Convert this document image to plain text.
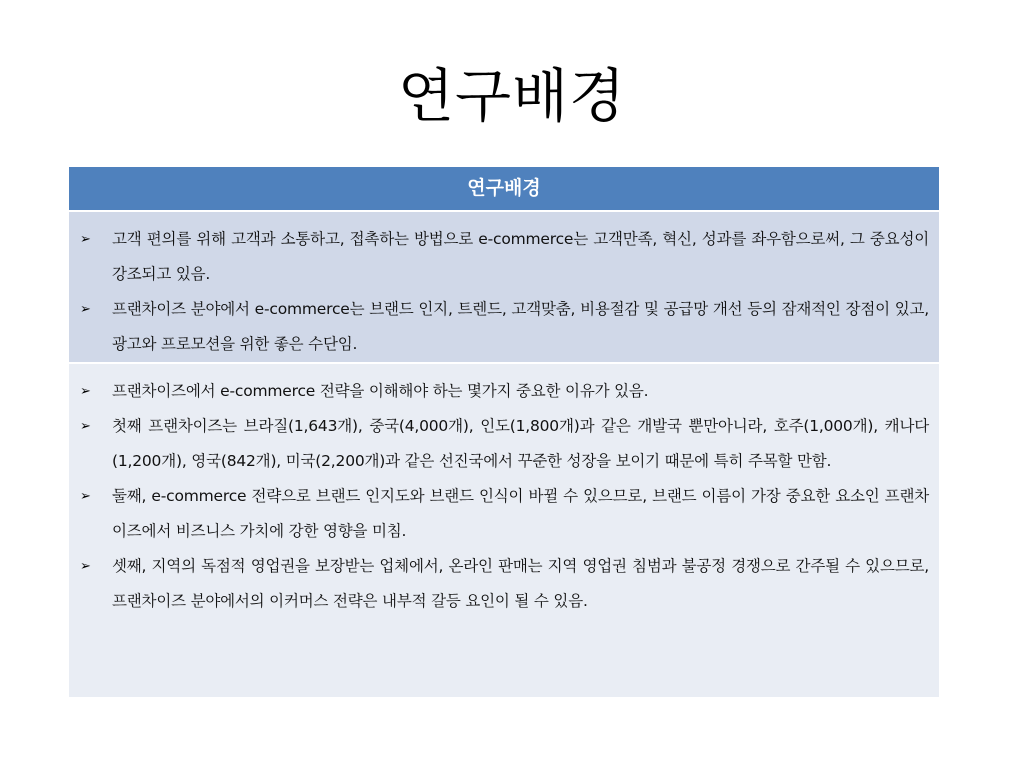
연구배경
연구배경
➢	고객 편의를 위해 고객과 소통하고, 접촉하는 방법으로 e-commerce는 고객만족, 혁신, 성과를 좌우함으로써, 그 중요성이 강조되고 있음.
➢	프랜차이즈 분야에서 e-commerce는 브랜드 인지, 트렌드, 고객맞춤, 비용절감 및 공급망 개선 등의 잠재적인 장점이 있고, 광고와 프로모션을 위한 좋은 수단임.
➢	프랜차이즈에서 e-commerce 전략을 이해해야 하는 몇가지 중요한 이유가 있음.
➢	첫째 프랜차이즈는 브라질(1,643개), 중국(4,000개), 인도(1,800개)과 같은 개발국 뿐만아니라, 호주(1,000개), 캐나다(1,200개), 영국(842개), 미국(2,200개)과 같은 선진국에서 꾸준한 성장을 보이기 때문에 특히 주목할 만함.
➢	둘째, e-commerce 전략으로 브랜드 인지도와 브랜드 인식이 바뀔 수 있으므로, 브랜드 이름이 가장 중요한 요소인 프랜차이즈에서 비즈니스 가치에 강한 영향을 미침.
➢	셋째, 지역의 독점적 영업권을 보장받는 업체에서, 온라인 판매는 지역 영업권 침범과 불공정 경쟁으로 간주될 수 있으므로, 프랜차이즈 분야에서의 이커머스 전략은 내부적 갈등 요인이 될 수 있음.
